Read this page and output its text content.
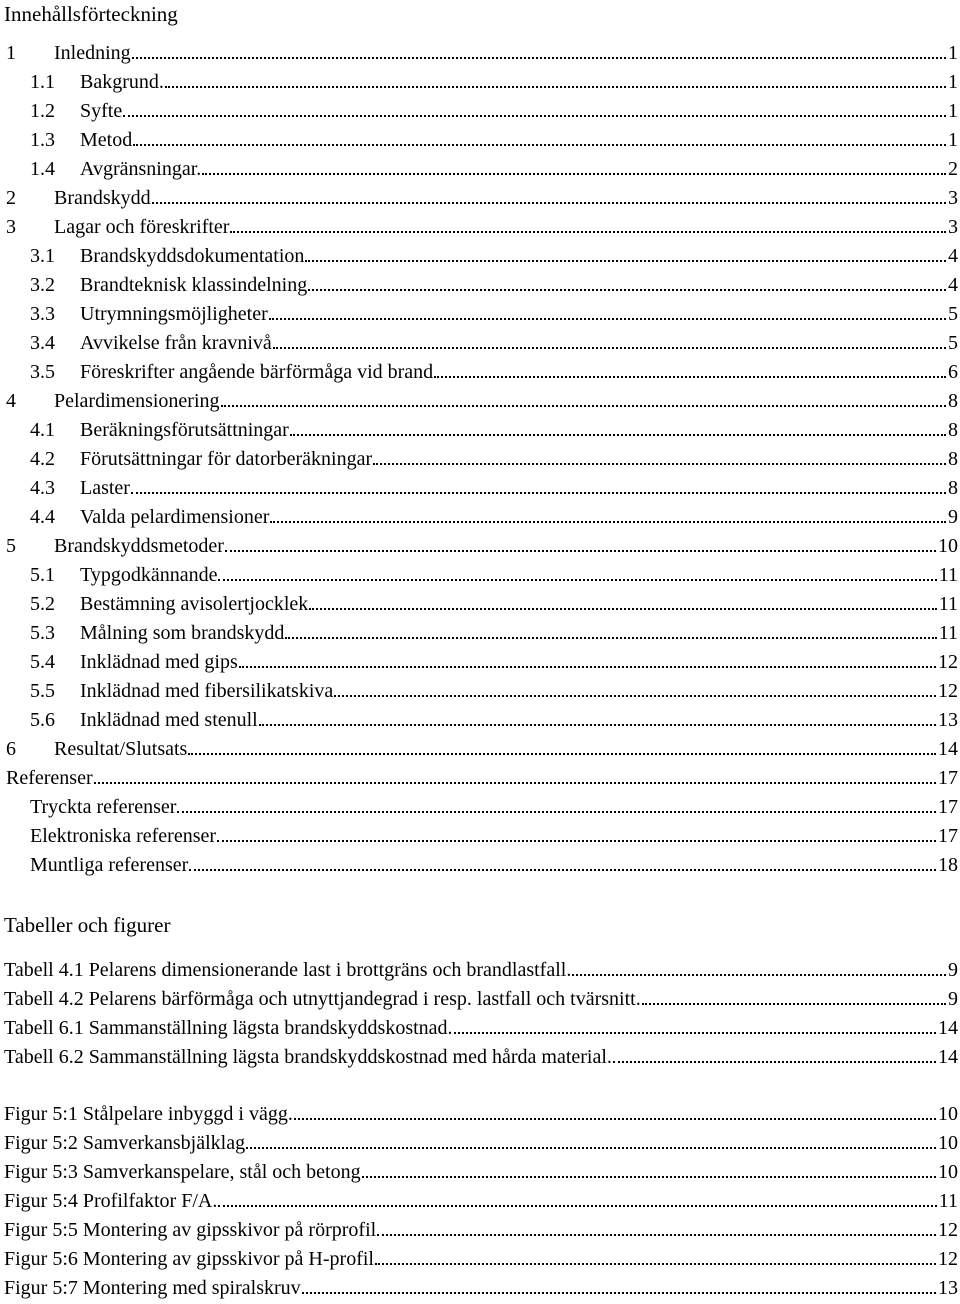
Innehållsförteckning
1	Inledning	1
1.1	Bakgrund.	1
1.2	Syfte	1
1.3	Metod	1
1.4	Avgränsningar.	2
2	Brandskydd	3
3	Lagar och föreskrifter	3
3.1	Brandskyddsdokumentation	4
3.2	Brandteknisk klassindelning	4
3.3	Utrymningsmöjligheter	5
3.4	Avvikelse från kravnivå	5
3.5	Föreskrifter angående bärförmåga vid brand	6
4	Pelardimensionering	8
4.1	Beräkningsförutsättningar	8
4.2	Förutsättningar för datorberäkningar	8
4.3	Laster	8
4.4	Valda pelardimensioner	9
5	Brandskyddsmetoder	10
5.1	Typgodkännande	11
5.2	Bestämning avisolertjocklek	11
5.3	Målning som brandskydd	11
5.4	Inklädnad med gips	12
5.5	Inklädnad med fibersilikatskiva	12
5.6	Inklädnad med stenull	13
6	Resultat/Slutsats	14
Referenser	17
Tryckta referenser	17
Elektroniska referenser	17
Muntliga referenser	18
Tabeller och figurer
Tabell 4.1 Pelarens dimensionerande last i brottgräns och brandlastfall.	9
Tabell 4.2 Pelarens bärförmåga och utnyttjandegrad i resp. lastfall och tvärsnitt.	9
Tabell 6.1 Sammanställning lägsta brandskyddskostnad.	14
Tabell 6.2 Sammanställning lägsta brandskyddskostnad med hårda material.	14
Figur 5:1 Stålpelare inbyggd i vägg.	10
Figur 5:2 Samverkansbjälklag	10
Figur 5:3 Samverkanspelare, stål och betong	10
Figur 5:4 Profilfaktor F/A.	11
Figur 5:5 Montering av gipsskivor på rörprofil	12
Figur 5:6 Montering av gipsskivor på H-profil	12
Figur 5:7 Montering med spiralskruv	13
